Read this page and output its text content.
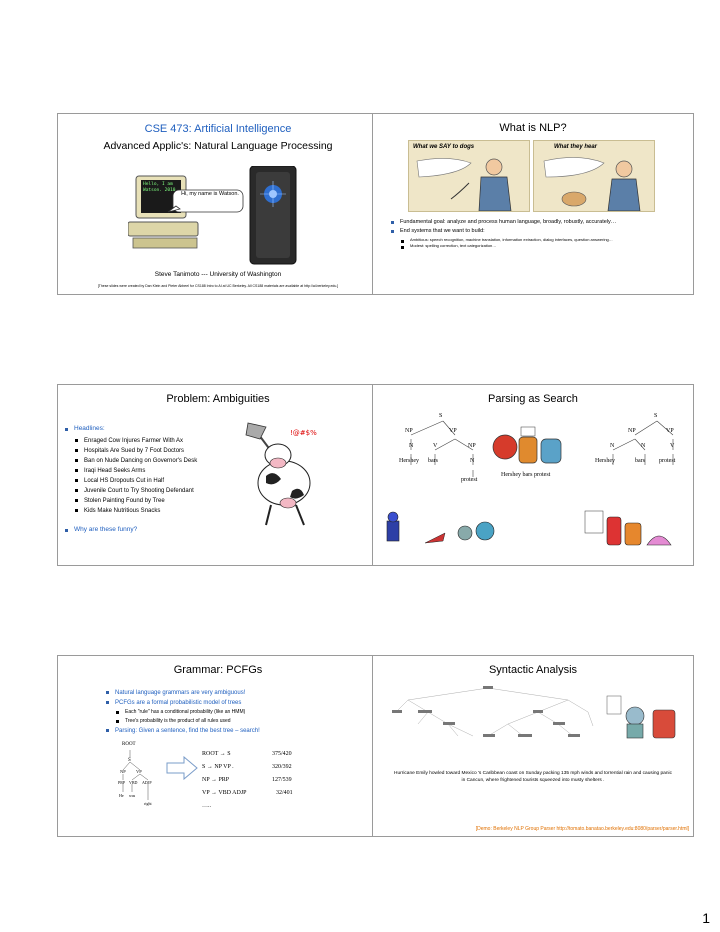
CSE 473: Artificial Intelligence
Advanced Applic's: Natural Language Processing
Hello, I am Watson. 2010
Hi, my name is Watson.
Steve Tanimoto --- University of Washington
[These slides were created by Dan Klein and Pieter Abbeel for CS188 Intro to AI at UC Berkeley. All CS188 materials are available at http://ai.berkeley.edu.]
What is NLP?
What we SAY to dogs	What they hear
Fundamental goal: analyze and process human language, broadly, robustly, accurately…
End systems that we want to build:
Ambitious: speech recognition, machine translation, information extraction, dialog interfaces, question answering…
Modest: spelling correction, text categorization…
Problem: Ambiguities
Headlines:
Enraged Cow Injures Farmer With Ax
Hospitals Are Sued by 7 Foot Doctors
Ban on Nude Dancing on Governor's Desk
Iraqi Head Seeks Arms
Local HS Dropouts Cut in Half
Juvenile Court to Try Shooting Defendant
Stolen Painting Found by Tree
Kids Make Nutritious Snacks
Why are these funny?
!@#$%
Parsing as Search
S
NP	VP
N	V	NP
Hershey bars	N
protest
Hershey bars protest
S
NP	VP
N	N	V
Hershey	bars protest
Grammar: PCFGs
Natural language grammars are very ambiguous!
PCFGs are a formal probabilistic model of trees
Each "rule" has a conditional probability (like an HMM)
Tree's probability is the product of all rules used
Parsing: Given a sentence, find the best tree – search!
ROOT
S
NP VP
PRP VBD ADJP
He was
right
ROOT → S	375/420
S → NP VP .	320/392
NP → PRP	127/539
VP → VBD ADJP	32/401
…..
Syntactic Analysis
Hurricane Emily howled toward Mexico 's Caribbean coast on Sunday packing 135 mph winds and torrential rain and causing panic in Cancun, where frightened tourists squeezed into musty shelters .
[Demo: Berkeley NLP Group Parser http://tomato.banatao.berkeley.edu:8080/parser/parser.html]
1
